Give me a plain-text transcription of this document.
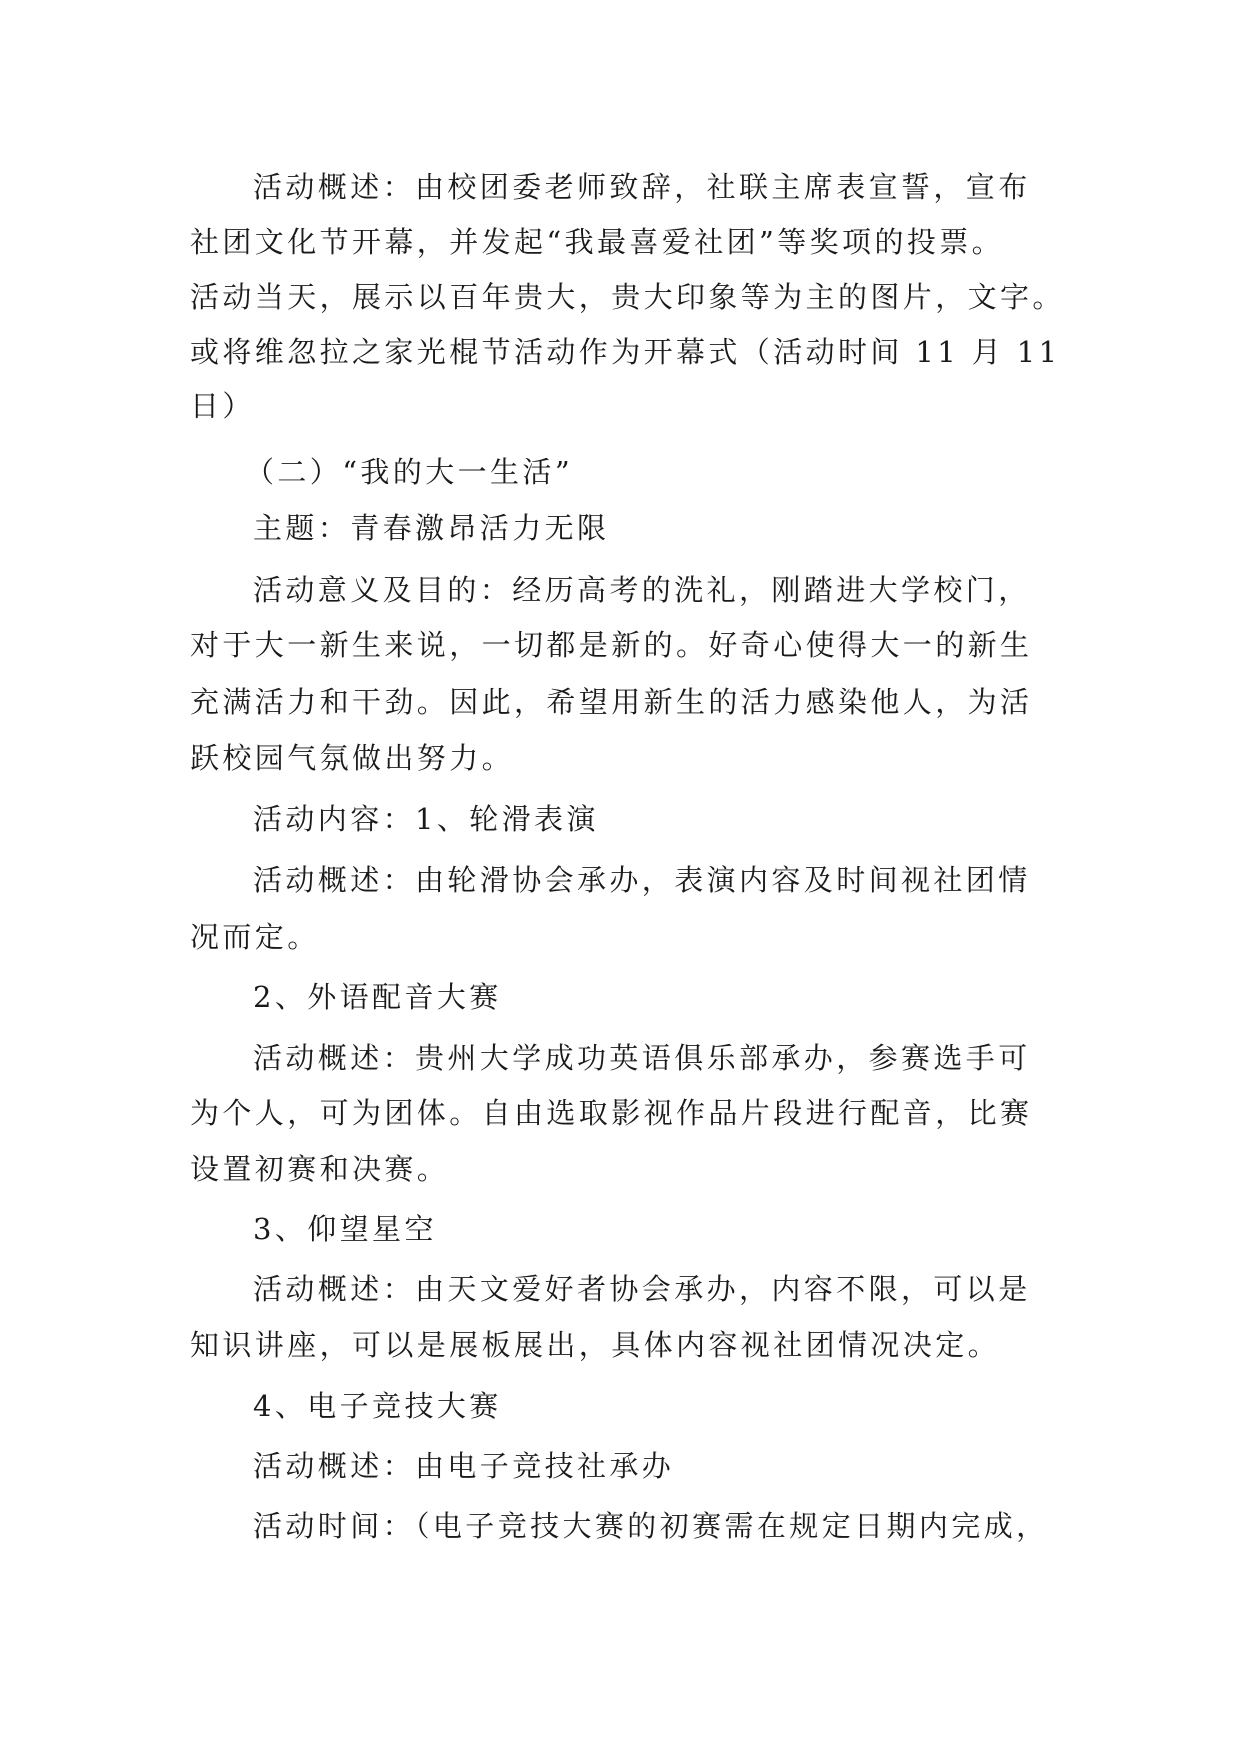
活动概述：由校团委老师致辞，社联主席表宣誓，宣布
社团文化节开幕，并发起“我最喜爱社团”等奖项的投票。
活动当天，展示以百年贵大，贵大印象等为主的图片，文字。
或将维忽拉之家光棍节活动作为开幕式（活动时间 11 月 11
日）
（二）“我的大一生活”
主题：青春激昂活力无限
活动意义及目的：经历高考的洗礼，刚踏进大学校门，
对于大一新生来说，一切都是新的。好奇心使得大一的新生
充满活力和干劲。因此，希望用新生的活力感染他人，为活
跃校园气氛做出努力。
活动内容：1、轮滑表演
活动概述：由轮滑协会承办，表演内容及时间视社团情
况而定。
2、外语配音大赛
活动概述：贵州大学成功英语俱乐部承办，参赛选手可
为个人，可为团体。自由选取影视作品片段进行配音，比赛
设置初赛和决赛。
3、仰望星空
活动概述：由天文爱好者协会承办，内容不限，可以是
知识讲座，可以是展板展出，具体内容视社团情况决定。
4、电子竞技大赛
活动概述：由电子竞技社承办
活动时间：（电子竞技大赛的初赛需在规定日期内完成，
